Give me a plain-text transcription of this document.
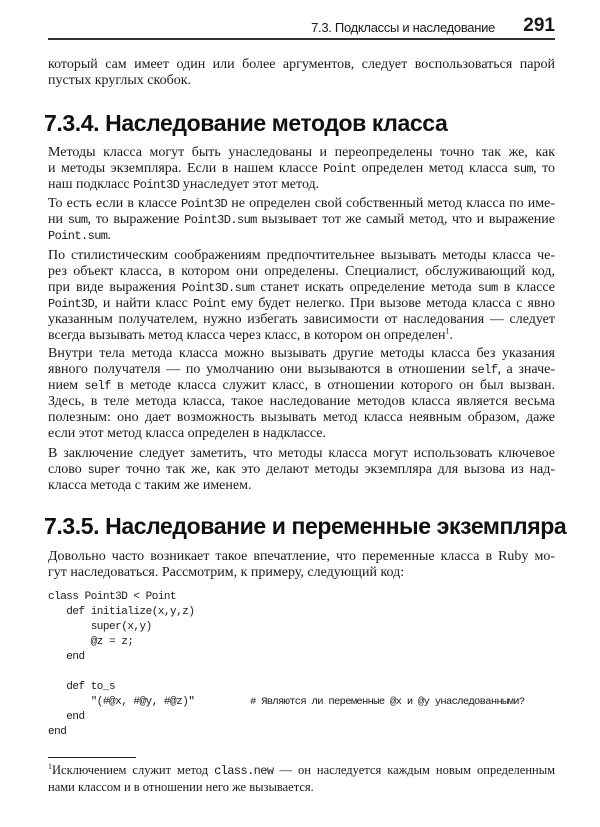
7.3. Подклассы и наследование 291
который сам имеет один или более аргументов, следует воспользоваться парой
пустых круглых скобок.
7.3.4. Наследование методов класса
Методы класса могут быть унаследованы и переопределены точно так же, как
и методы экземпляра. Если в нашем классе Point определен метод класса sum, то
наш подкласс Point3D унаследует этот метод.
То есть если в классе Point3D не определен свой собственный метод класса по име-
ни sum, то выражение Point3D.sum вызывает тот же самый метод, что и выражение
Point.sum.
По стилистическим соображениям предпочтительнее вызывать методы класса че-
рез объект класса, в котором они определены. Специалист, обслуживающий код,
при виде выражения Point3D.sum станет искать определение метода sum в классе
Point3D, и найти класс Point ему будет нелегко. При вызове метода класса с явно
указанным получателем, нужно избегать зависимости от наследования — следует
всегда вызывать метод класса через класс, в котором он определен$^1$.
Внутри тела метода класса можно вызывать другие методы класса без указания
явного получателя — по умолчанию они вызываются в отношении self, а значе-
нием self в методе класса служит класс, в отношении которого он был вызван.
Здесь, в теле метода класса, такое наследование методов класса является весьма
полезным: оно дает возможность вызывать метод класса неявным образом, даже
если этот метод класса определен в надклассе.
В заключение следует заметить, что методы класса могут использовать ключевое
слово super точно так же, как это делают методы экземпляра для вызова из над-
класса метода с таким же именем.
7.3.5. Наследование и переменные экземпляра
Довольно часто возникает такое впечатление, что переменные класса в Ruby мо-
гут наследоваться. Рассмотрим, к примеру, следующий код:
class Point3D < Point
def initialize(x,y,z)
super(x,y)
@z = z;
end
def to_s
"(#@x, #@y, #@z)"	# Являются ли переменные @x и @y унаследованными?
end
end
$^1$Исключением служит метод class.new — он наследуется каждым новым определенным
нами классом и в отношении него же вызывается.
